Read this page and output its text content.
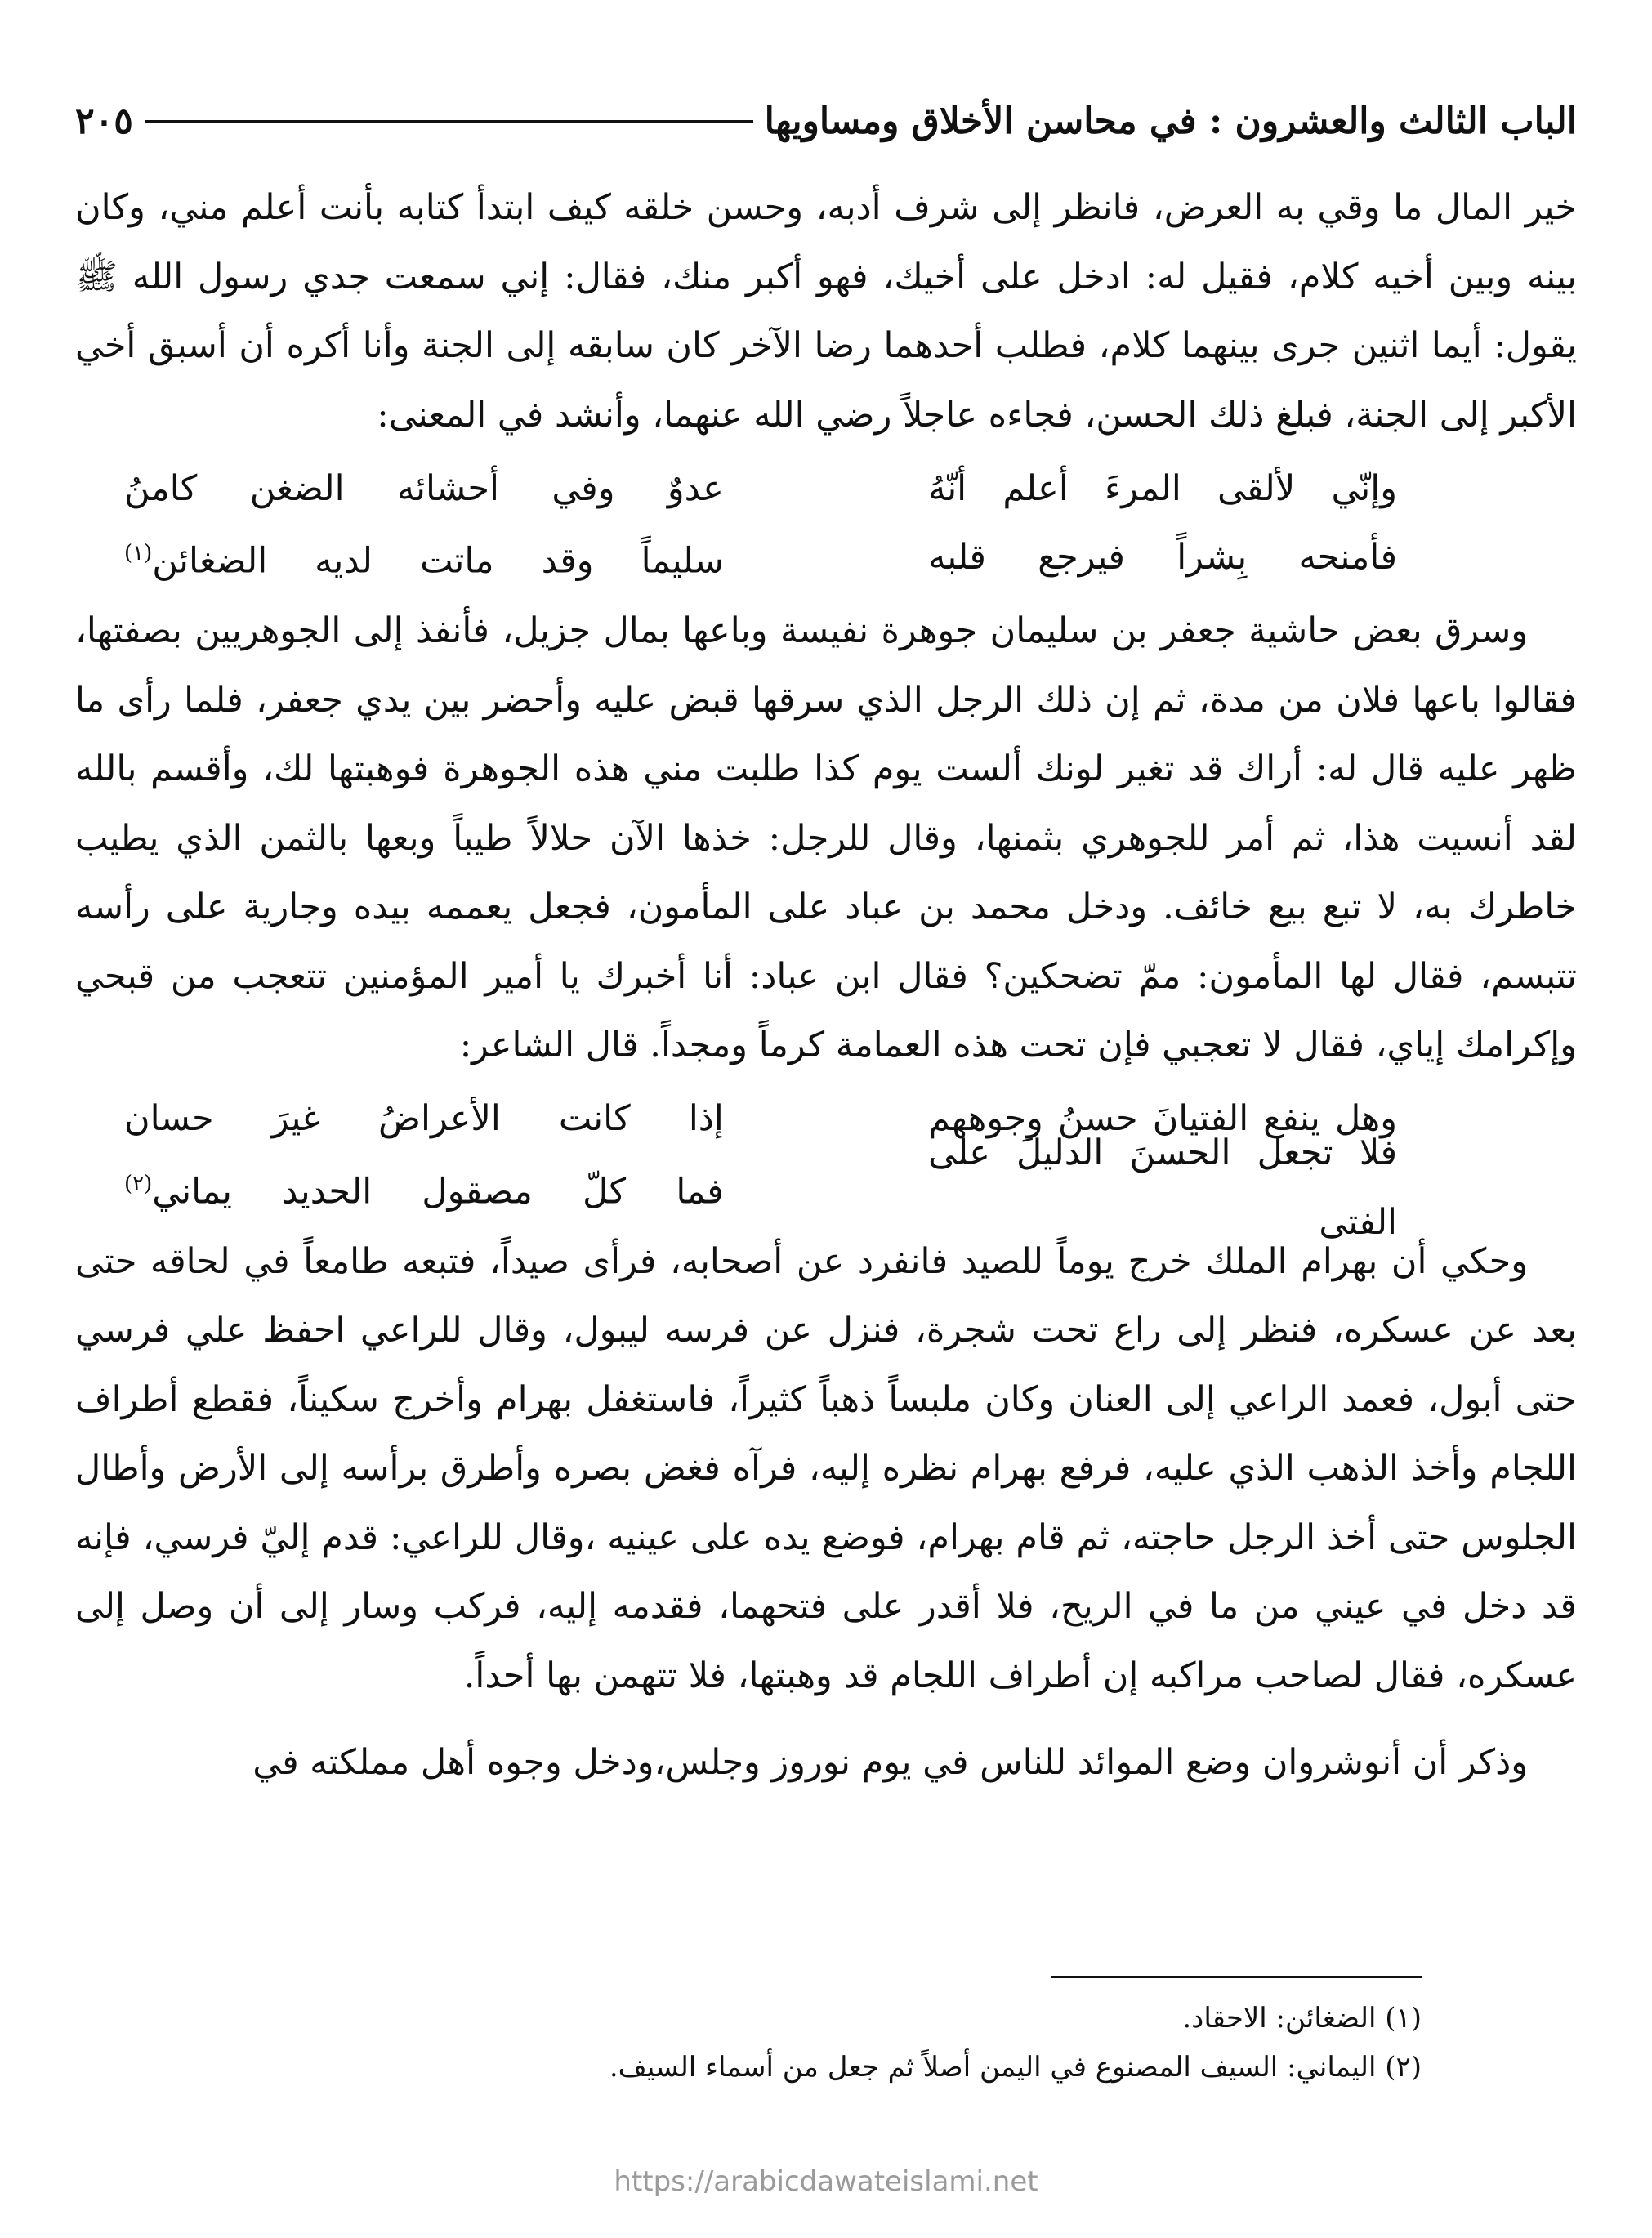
الباب الثالث والعشرون : في محاسن الأخلاق ومساويها
٢٠٥

خير المال ما وقي به العرض، فانظر إلى شرف أدبه، وحسن خلقه كيف ابتدأ كتابه بأنت أعلم مني، وكان بينه وبين أخيه كلام، فقيل له: ادخل على أخيك، فهو أكبر منك، فقال: إني سمعت جدي رسول الله ﷺ يقول: أيما اثنين جرى بينهما كلام، فطلب أحدهما رضا الآخر كان سابقه إلى الجنة وأنا أكره أن أسبق أخي الأكبر إلى الجنة، فبلغ ذلك الحسن، فجاءه عاجلاً رضي الله عنهما، وأنشد في المعنى:

وإنّي لألقى المرءَ أعلم أنّهُ
عدوٌ وفي أحشائه الضغن كامنُ
فأمنحه بِشراً فيرجع قلبه
سليماً وقد ماتت لديه الضغائن$^{(١)}$

وسرق بعض حاشية جعفر بن سليمان جوهرة نفيسة وباعها بمال جزيل، فأنفذ إلى الجوهريين بصفتها، فقالوا باعها فلان من مدة، ثم إن ذلك الرجل الذي سرقها قبض عليه وأحضر بين يدي جعفر، فلما رأى ما ظهر عليه قال له: أراك قد تغير لونك ألست يوم كذا طلبت مني هذه الجوهرة فوهبتها لك، وأقسم بالله لقد أنسيت هذا، ثم أمر للجوهري بثمنها، وقال للرجل: خذها الآن حلالاً طيباً وبعها بالثمن الذي يطيب خاطرك به، لا تبع بيع خائف. ودخل محمد بن عباد على المأمون، فجعل يعممه بيده وجارية على رأسه تتبسم، فقال لها المأمون: ممّ تضحكين؟ فقال ابن عباد: أنا أخبرك يا أمير المؤمنين تتعجب من قبحي وإكرامك إياي، فقال لا تعجبي فإن تحت هذه العمامة كرماً ومجداً. قال الشاعر:

وهل ينفع الفتيانَ حسنُ وجوههم
إذا كانت الأعراضُ غيرَ حسان
فلا تجعل الحسنَ الدليلَ على الفتى
فما كلّ مصقول الحديد يماني$^{(٢)}$

وحكي أن بهرام الملك خرج يوماً للصيد فانفرد عن أصحابه، فرأى صيداً، فتبعه طامعاً في لحاقه حتى بعد عن عسكره، فنظر إلى راع تحت شجرة، فنزل عن فرسه ليبول، وقال للراعي احفظ علي فرسي حتى أبول، فعمد الراعي إلى العنان وكان ملبساً ذهباً كثيراً، فاستغفل بهرام وأخرج سكيناً، فقطع أطراف اللجام وأخذ الذهب الذي عليه، فرفع بهرام نظره إليه، فرآه فغض بصره وأطرق برأسه إلى الأرض وأطال الجلوس حتى أخذ الرجل حاجته، ثم قام بهرام، فوضع يده على عينيه ،وقال للراعي: قدم إليّ فرسي، فإنه قد دخل في عيني من ما في الريح، فلا أقدر على فتحهما، فقدمه إليه، فركب وسار إلى أن وصل إلى عسكره، فقال لصاحب مراكبه إن أطراف اللجام قد وهبتها، فلا تتهمن بها أحداً.

وذكر أن أنوشروان وضع الموائد للناس في يوم نوروز وجلس،ودخل وجوه أهل مملكته في

(١) الضغائن: الاحقاد.

(٢) اليماني: السيف المصنوع في اليمن أصلاً ثم جعل من أسماء السيف.

https://arabicdawateislami.net
